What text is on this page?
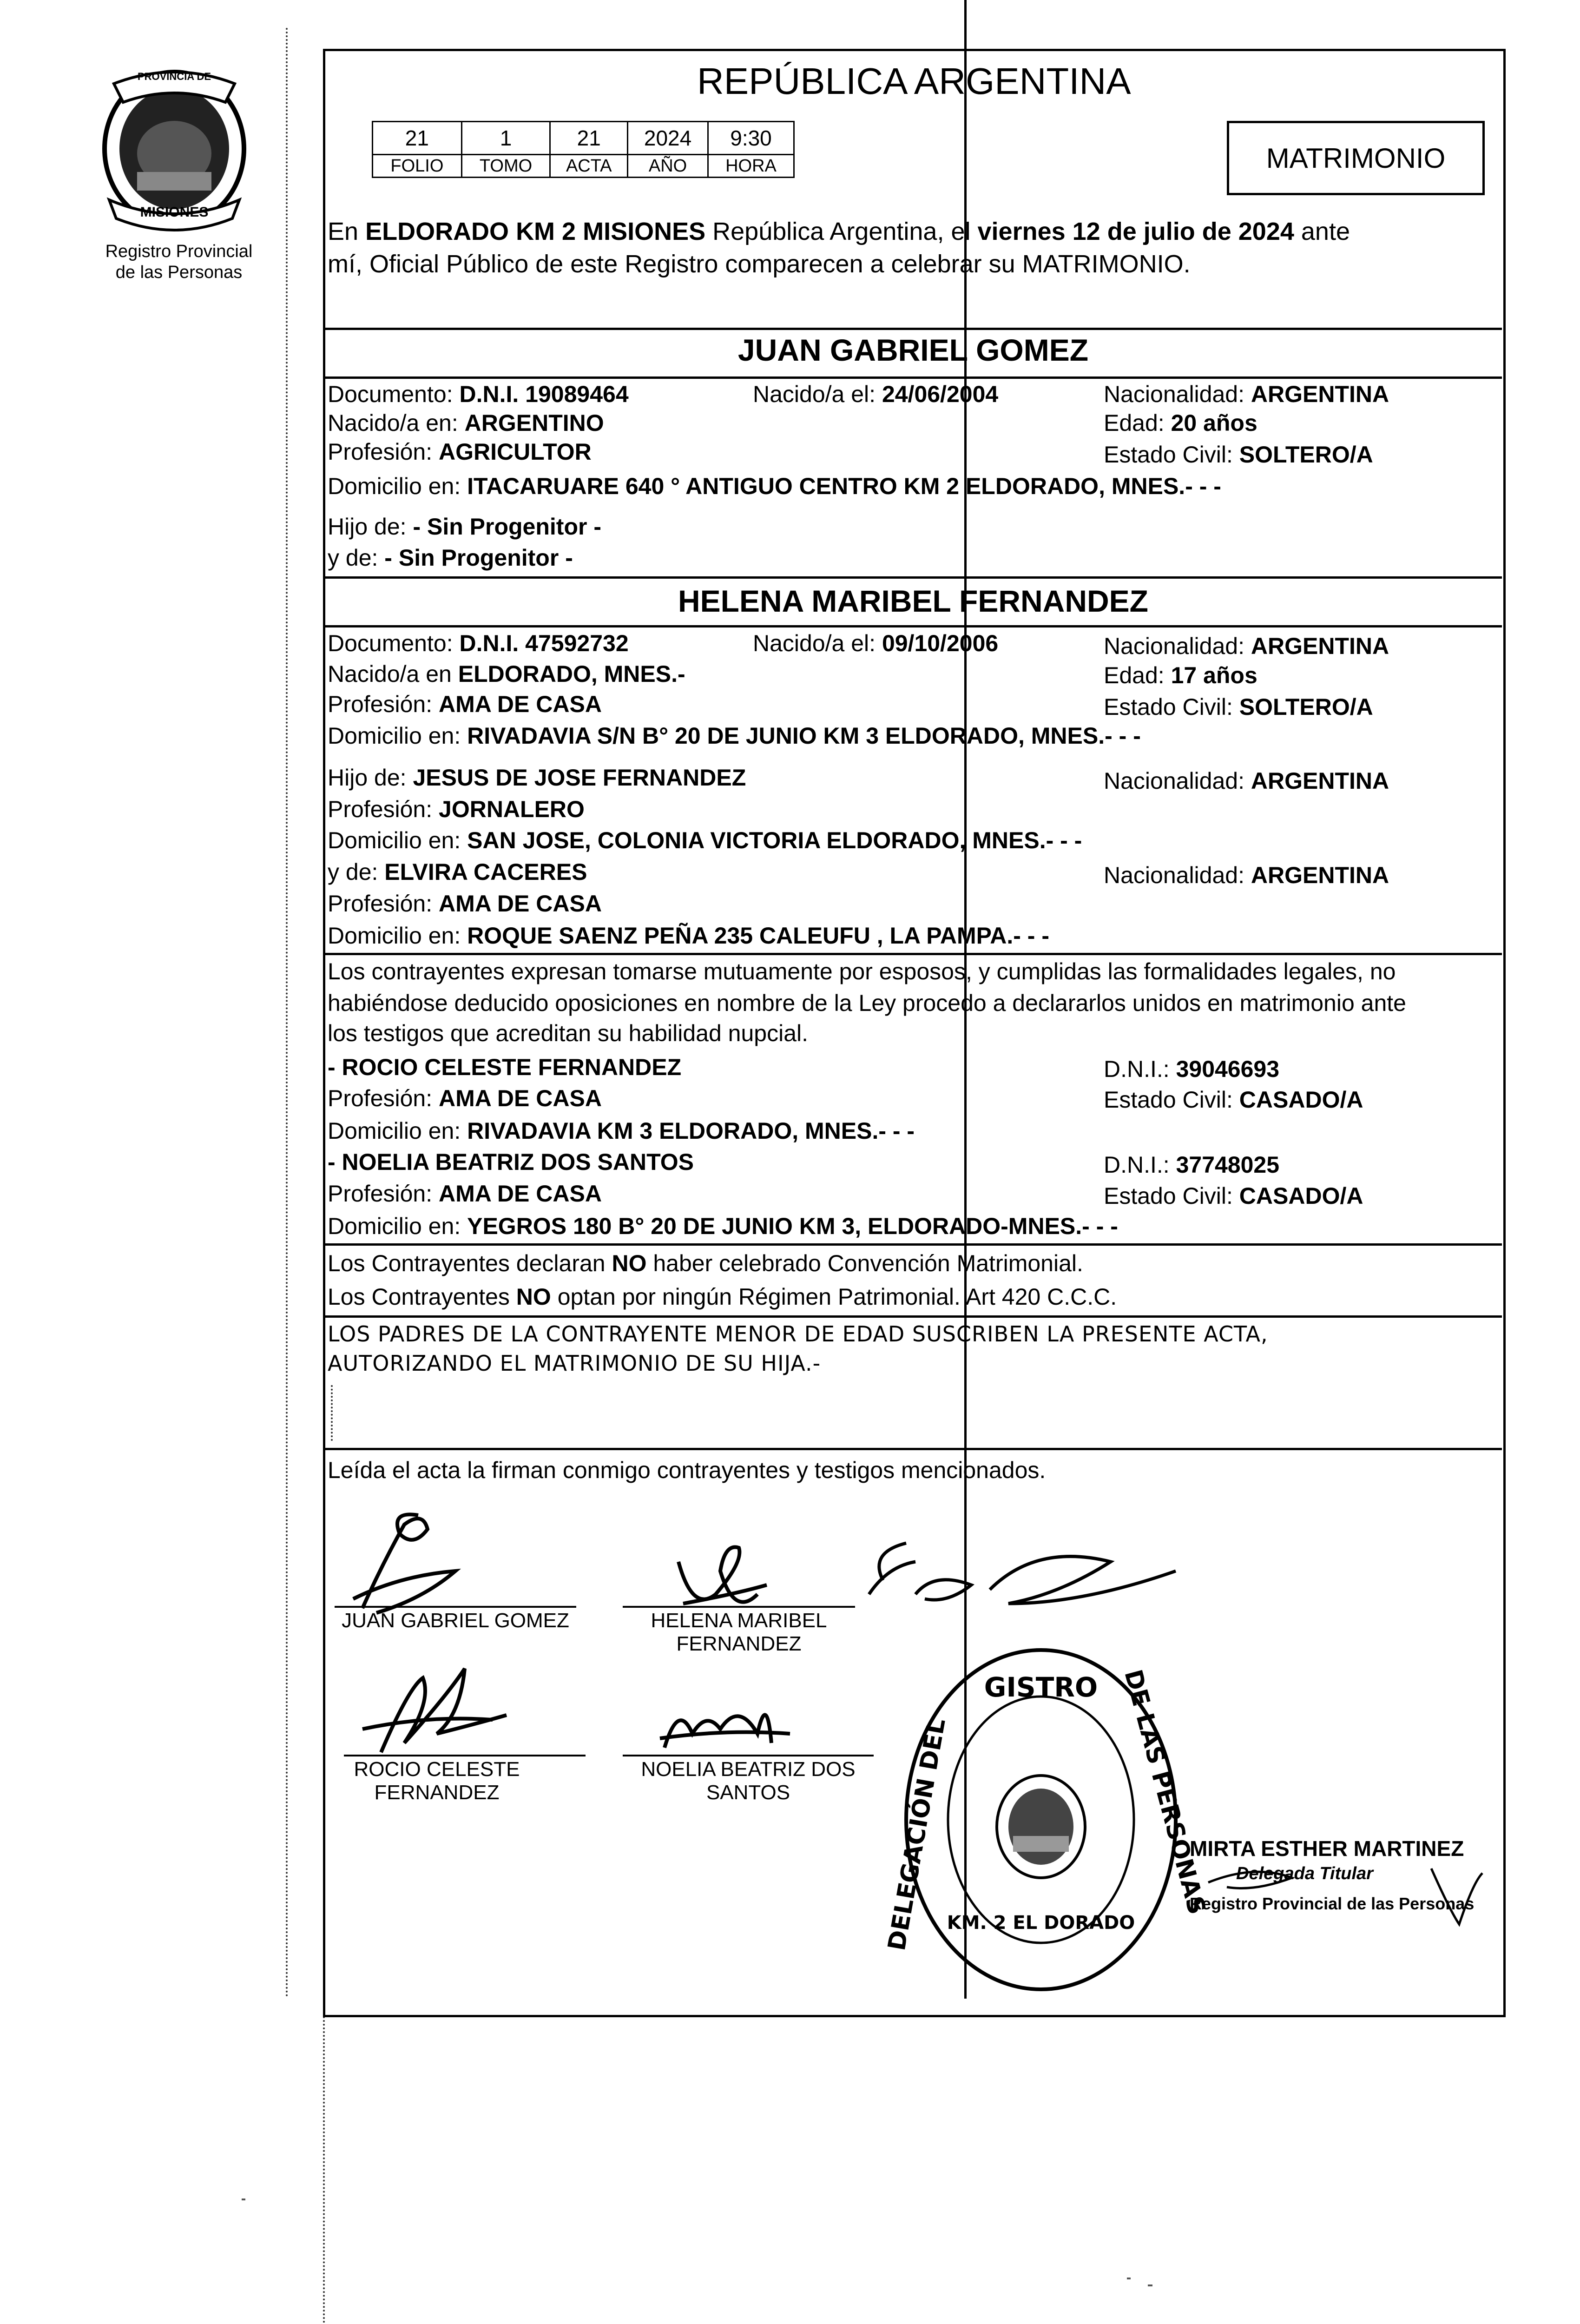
PROVINCIA DE
MISIONES
Registro Provincial
de las Personas
REPÚBLICA ARGENTINA
21	1	21	2024	9:30
FOLIO	TOMO	ACTA	AÑO	HORA	MATRIMONIO
En ELDORADO KM 2 MISIONES República Argentina, el viernes 12 de julio de 2024 ante
mí, Oficial Público de este Registro comparecen a celebrar su MATRIMONIO.
JUAN GABRIEL GOMEZ
Documento: D.N.I. 19089464	Nacido/a el: 24/06/2004	Nacionalidad: ARGENTINA
Nacido/a en: ARGENTINO	Edad: 20 años
Profesión: AGRICULTOR	Estado Civil: SOLTERO/A
Domicilio en: ITACARUARE 640 ° ANTIGUO CENTRO KM 2 ELDORADO, MNES.- - -
Hijo de: - Sin Progenitor -
y de: - Sin Progenitor -
HELENA MARIBEL FERNANDEZ
Documento: D.N.I. 47592732	Nacido/a el: 09/10/2006	Nacionalidad: ARGENTINA
Nacido/a en ELDORADO, MNES.-	Edad: 17 años
Profesión: AMA DE CASA	Estado Civil: SOLTERO/A
Domicilio en: RIVADAVIA S/N B° 20 DE JUNIO KM 3 ELDORADO, MNES.- - -
Hijo de: JESUS DE JOSE FERNANDEZ	Nacionalidad: ARGENTINA
Profesión: JORNALERO
Domicilio en: SAN JOSE, COLONIA VICTORIA ELDORADO, MNES.- - -
y de: ELVIRA CACERES	Nacionalidad: ARGENTINA
Profesión: AMA DE CASA
Domicilio en: ROQUE SAENZ PEÑA 235 CALEUFU , LA PAMPA.- - -
Los contrayentes expresan tomarse mutuamente por esposos, y cumplidas las formalidades legales, no
habiéndose deducido oposiciones en nombre de la Ley procedo a declararlos unidos en matrimonio ante
los testigos que acreditan su habilidad nupcial.
- ROCIO CELESTE FERNANDEZ	D.N.I.: 39046693
Profesión: AMA DE CASA	Estado Civil: CASADO/A
Domicilio en: RIVADAVIA KM 3 ELDORADO, MNES.- - -
- NOELIA BEATRIZ DOS SANTOS	D.N.I.: 37748025
Profesión: AMA DE CASA	Estado Civil: CASADO/A
Domicilio en: YEGROS 180 B° 20 DE JUNIO KM 3, ELDORADO-MNES.- - -
Los Contrayentes declaran NO haber celebrado Convención Matrimonial.
Los Contrayentes NO optan por ningún Régimen Patrimonial. Art 420 C.C.C.
LOS PADRES DE LA CONTRAYENTE MENOR DE EDAD SUSCRIBEN LA PRESENTE ACTA,
AUTORIZANDO EL MATRIMONIO DE SU HIJA.-
Leída el acta la firman conmigo contrayentes y testigos mencionados.
JUAN GABRIEL GOMEZ	HELENA MARIBEL
FERNANDEZ
ROCIO CELESTE
FERNANDEZ
NOELIA BEATRIZ DOS
SANTOS
GISTRO DE LAS PERSONAS
DELEGACIÓN DEL
KM. 2 EL DORADO
MIRTA ESTHER MARTINEZ
Delegada Titular
Registro Provincial de las Personas
